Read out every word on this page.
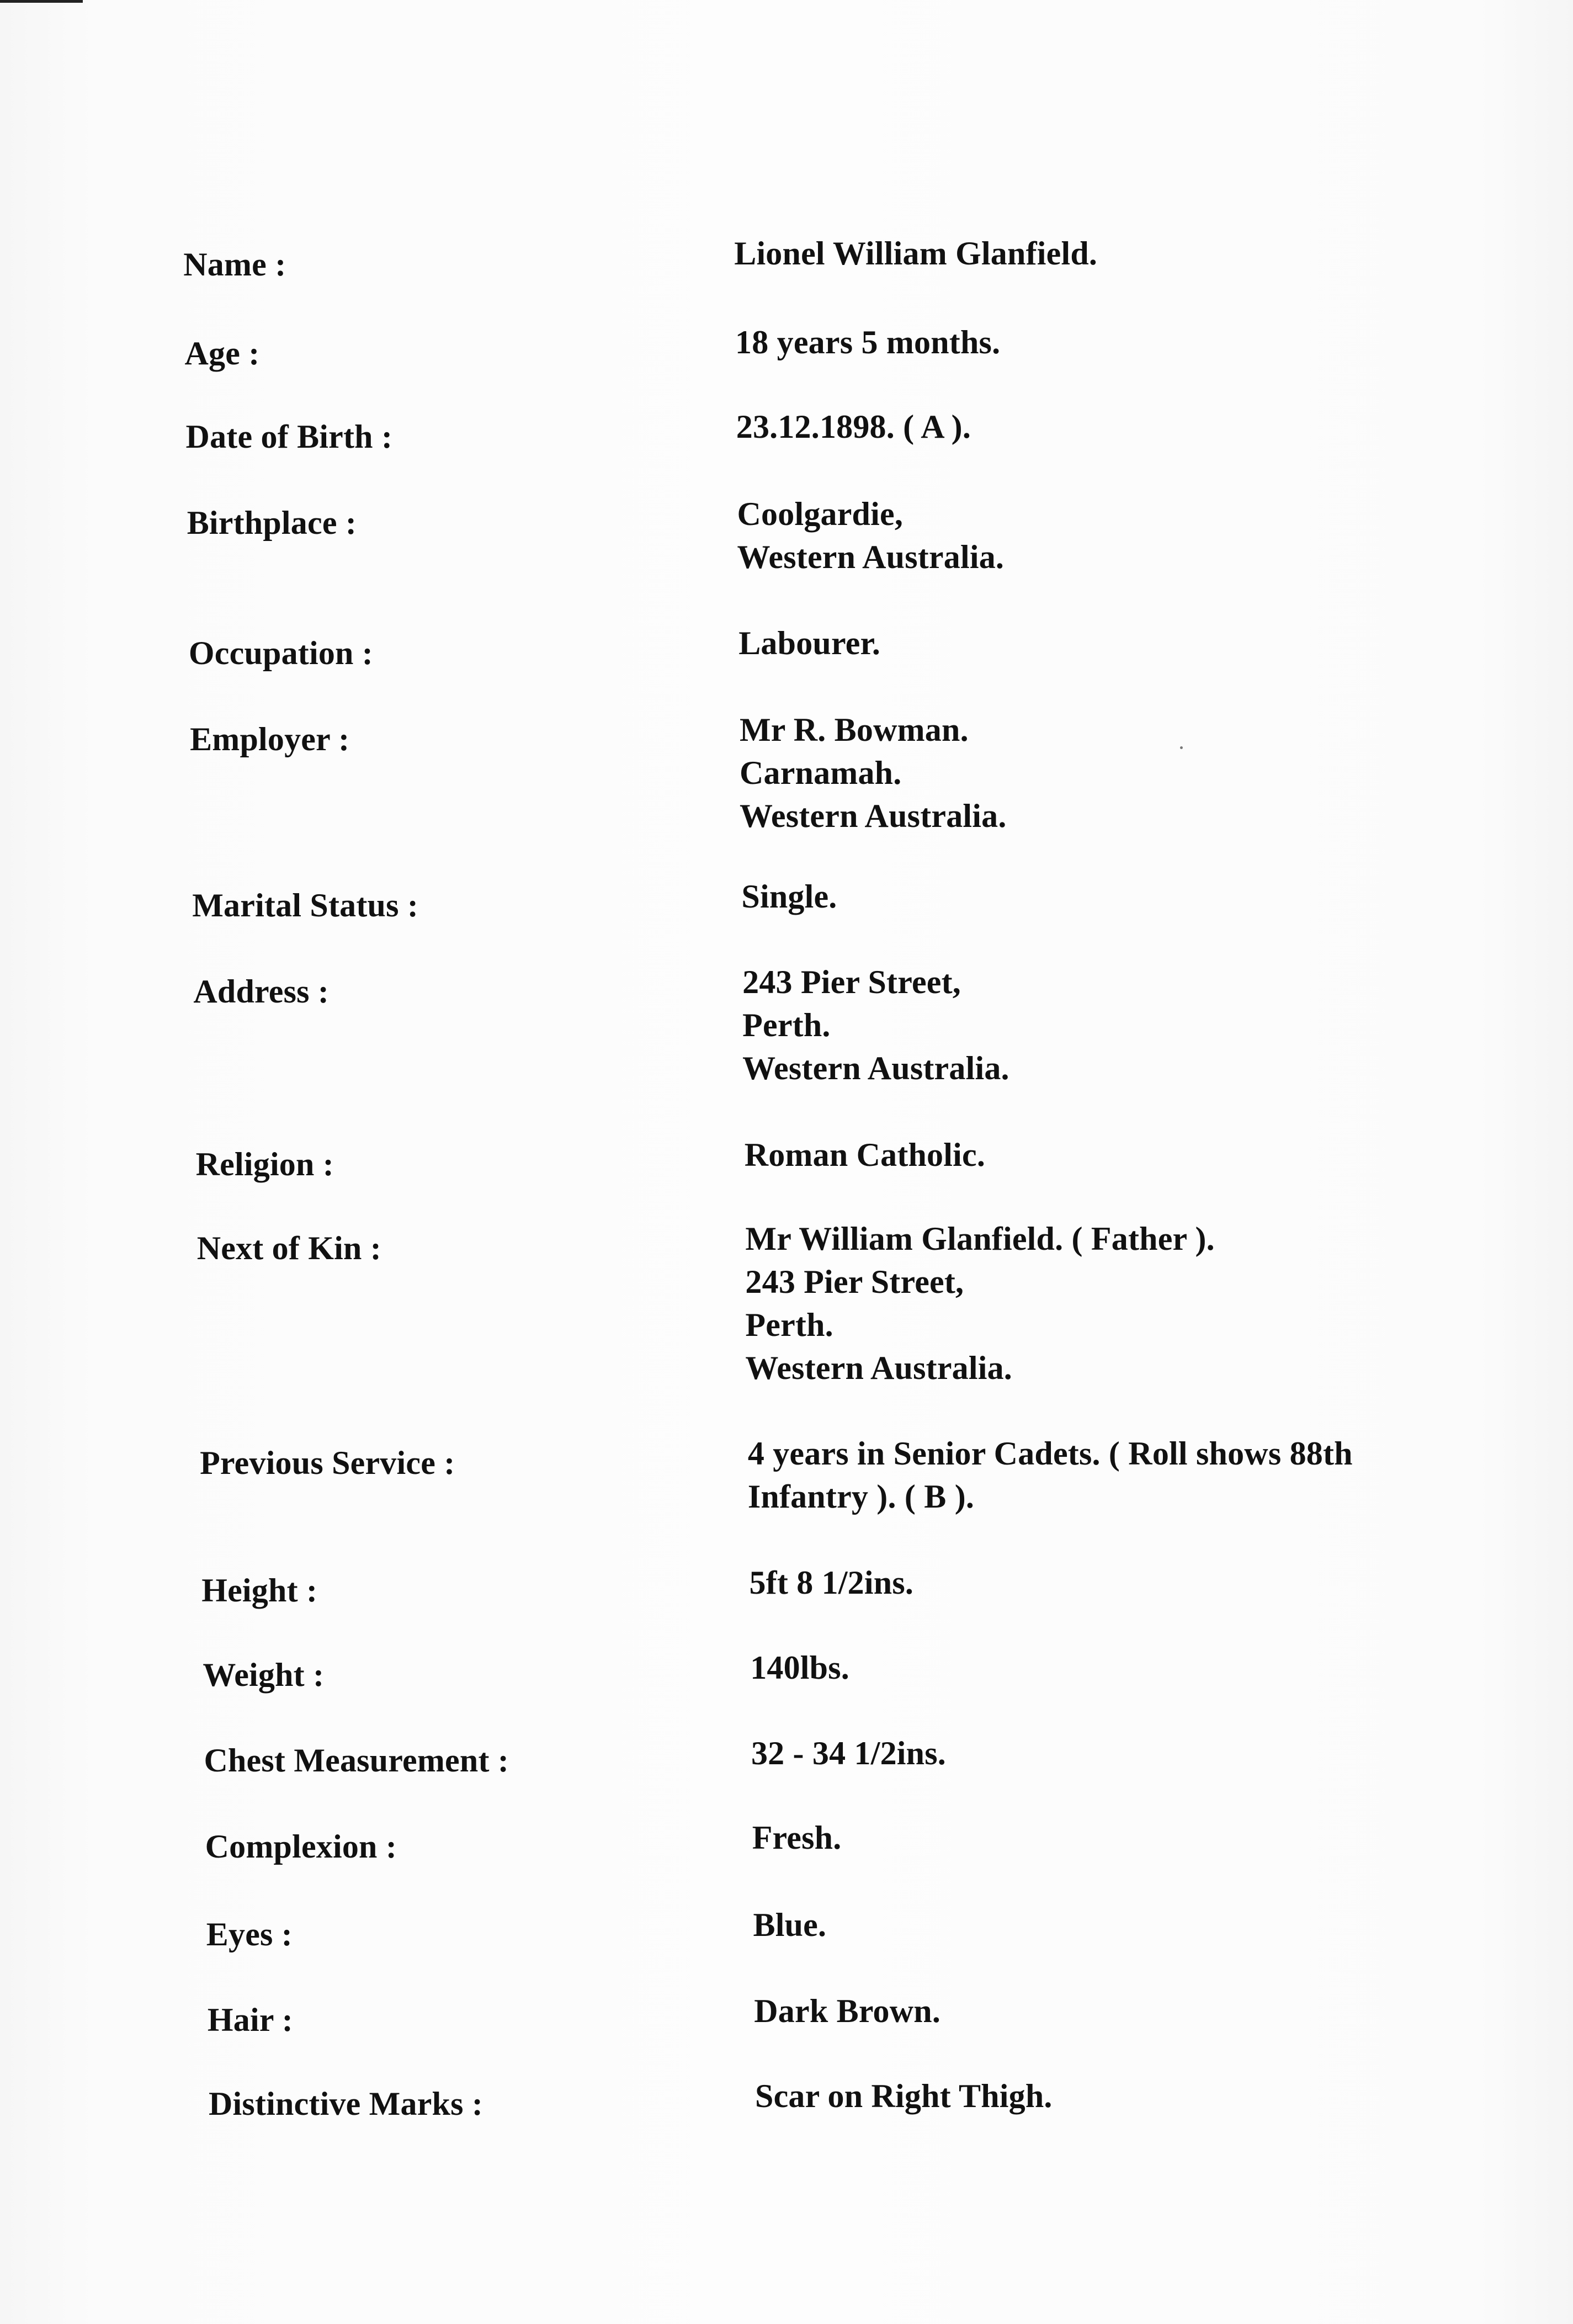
Name :	Lionel William Glanfield.
Age :	18 years 5 months.
Date of Birth :	23.12.1898. ( A ).
Birthplace :	Coolgardie,
Western Australia.
Occupation :	Labourer.
Employer :	Mr R. Bowman.
Carnamah.
Western Australia.
Marital Status :	Single.
Address :	243 Pier Street,
Perth.
Western Australia.
Religion :	Roman Catholic.
Next of Kin :	Mr William Glanfield. ( Father ).
243 Pier Street,
Perth.
Western Australia.
Previous Service :	4 years in Senior Cadets. ( Roll shows 88th
Infantry ). ( B ).
Height :	5ft 8 1/2ins.
Weight :	140lbs.
Chest Measurement :	32 - 34 1/2ins.
Complexion :	Fresh.
Eyes :	Blue.
Hair :	Dark Brown.
Distinctive Marks :	Scar on Right Thigh.
